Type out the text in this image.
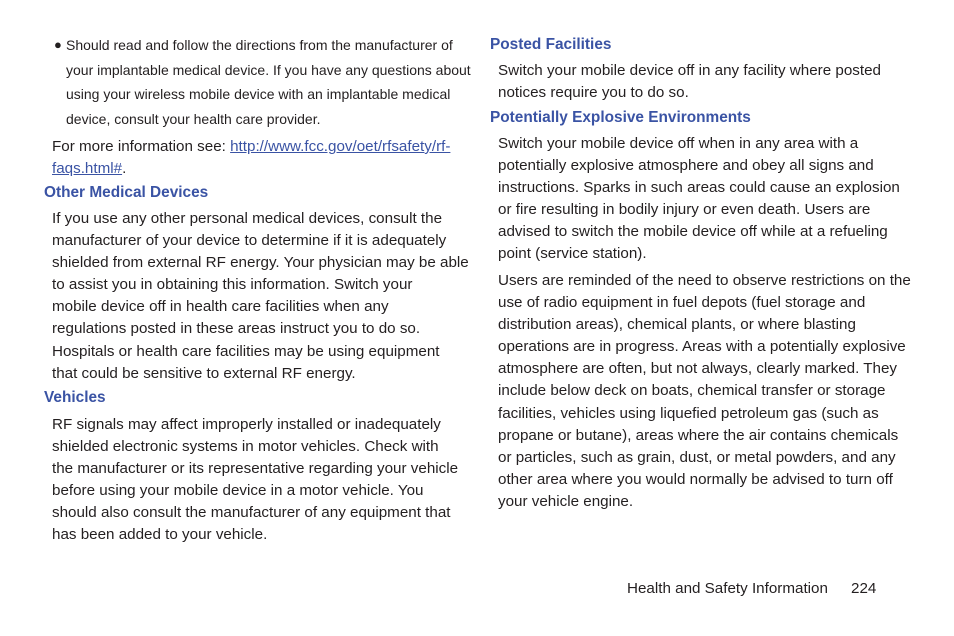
● Should read and follow the directions from the manufacturer of
your implantable medical device. If you have any questions about
using your wireless mobile device with an implantable medical
device, consult your health care provider.
For more information see: http://www.fcc.gov/oet/rfsafety/rf-
faqs.html#.
Other Medical Devices
If you use any other personal medical devices, consult the
manufacturer of your device to determine if it is adequately
shielded from external RF energy. Your physician may be able
to assist you in obtaining this information. Switch your
mobile device off in health care facilities when any
regulations posted in these areas instruct you to do so.
Hospitals or health care facilities may be using equipment
that could be sensitive to external RF energy.
Vehicles
RF signals may affect improperly installed or inadequately
shielded electronic systems in motor vehicles. Check with
the manufacturer or its representative regarding your vehicle
before using your mobile device in a motor vehicle. You
should also consult the manufacturer of any equipment that
has been added to your vehicle.
Posted Facilities
Switch your mobile device off in any facility where posted
notices require you to do so.
Potentially Explosive Environments
Switch your mobile device off when in any area with a
potentially explosive atmosphere and obey all signs and
instructions. Sparks in such areas could cause an explosion
or fire resulting in bodily injury or even death. Users are
advised to switch the mobile device off while at a refueling
point (service station).
Users are reminded of the need to observe restrictions on the
use of radio equipment in fuel depots (fuel storage and
distribution areas), chemical plants, or where blasting
operations are in progress. Areas with a potentially explosive
atmosphere are often, but not always, clearly marked. They
include below deck on boats, chemical transfer or storage
facilities, vehicles using liquefied petroleum gas (such as
propane or butane), areas where the air contains chemicals
or particles, such as grain, dust, or metal powders, and any
other area where you would normally be advised to turn off
your vehicle engine.
Health and Safety Information 224
